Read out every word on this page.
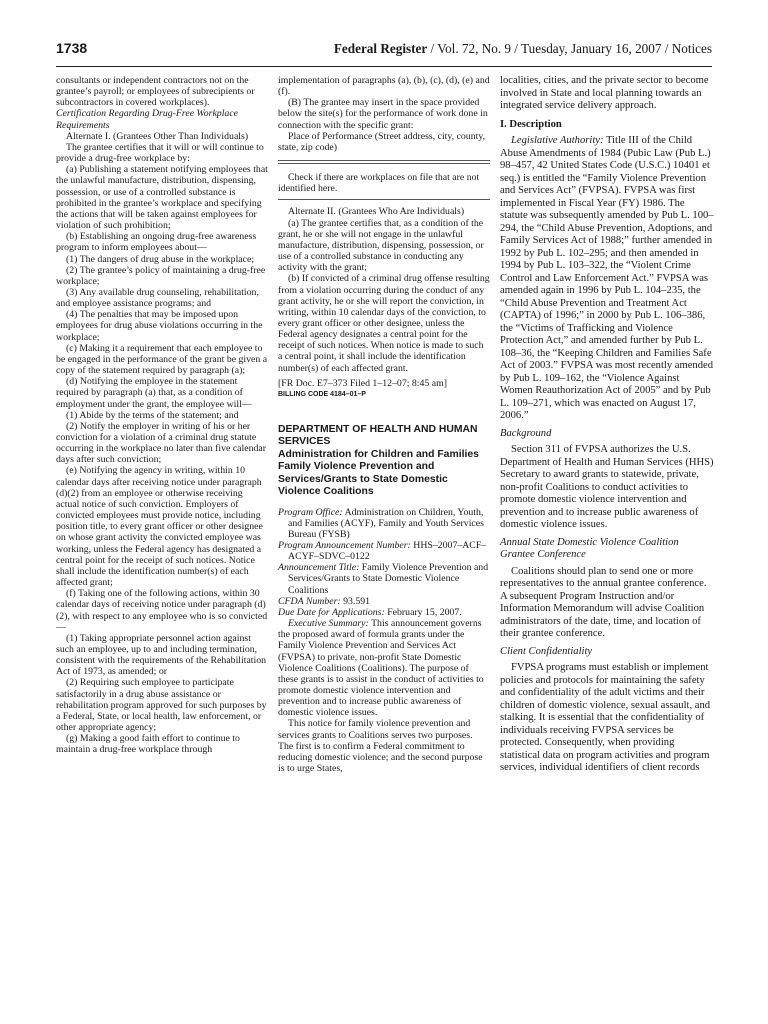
1738	Federal Register / Vol. 72, No. 9 / Tuesday, January 16, 2007 / Notices

consultants or independent contractors not on the grantee’s payroll; or employees of subrecipients or subcontractors in covered workplaces).

Certification Regarding Drug-Free Workplace Requirements

Alternate I. (Grantees Other Than Individuals)

The grantee certifies that it will or will continue to provide a drug-free workplace by:

(a) Publishing a statement notifying employees that the unlawful manufacture, distribution, dispensing, possession, or use of a controlled substance is prohibited in the grantee’s workplace and specifying the actions that will be taken against employees for violation of such prohibition;

(b) Establishing an ongoing drug-free awareness program to inform employees about—

(1) The dangers of drug abuse in the workplace;

(2) The grantee’s policy of maintaining a drug-free workplace;

(3) Any available drug counseling, rehabilitation, and employee assistance programs; and

(4) The penalties that may be imposed upon employees for drug abuse violations occurring in the workplace;

(c) Making it a requirement that each employee to be engaged in the performance of the grant be given a copy of the statement required by paragraph (a);

(d) Notifying the employee in the statement required by paragraph (a) that, as a condition of employment under the grant, the employee will—

(1) Abide by the terms of the statement; and

(2) Notify the employer in writing of his or her conviction for a violation of a criminal drug statute occurring in the workplace no later than five calendar days after such conviction;

(e) Notifying the agency in writing, within 10 calendar days after receiving notice under paragraph (d)(2) from an employee or otherwise receiving actual notice of such conviction. Employers of convicted employees must provide notice, including position title, to every grant officer or other designee on whose grant activity the convicted employee was working, unless the Federal agency has designated a central point for the receipt of such notices. Notice shall include the identification number(s) of each affected grant;

(f) Taking one of the following actions, within 30 calendar days of receiving notice under paragraph (d)(2), with respect to any employee who is so convicted—

(1) Taking appropriate personnel action against such an employee, up to and including termination, consistent with the requirements of the Rehabilitation Act of 1973, as amended; or

(2) Requiring such employee to participate satisfactorily in a drug abuse assistance or rehabilitation program approved for such purposes by a Federal, State, or local health, law enforcement, or other appropriate agency;

(g) Making a good faith effort to continue to maintain a drug-free workplace through

implementation of paragraphs (a), (b), (c), (d), (e) and (f).

(B) The grantee may insert in the space provided below the site(s) for the performance of work done in connection with the specific grant:

Place of Performance (Street address, city, county, state, zip code)

Check if there are workplaces on file that are not identified here.

Alternate II. (Grantees Who Are Individuals)

(a) The grantee certifies that, as a condition of the grant, he or she will not engage in the unlawful manufacture, distribution, dispensing, possession, or use of a controlled substance in conducting any activity with the grant;

(b) If convicted of a criminal drug offense resulting from a violation occurring during the conduct of any grant activity, he or she will report the conviction, in writing, within 10 calendar days of the conviction, to every grant officer or other designee, unless the Federal agency designates a central point for the receipt of such notices. When notice is made to such a central point, it shall include the identification number(s) of each affected grant.

[FR Doc. E7–373 Filed 1–12–07; 8:45 am]

BILLING CODE 4184–01–P

DEPARTMENT OF HEALTH AND HUMAN SERVICES

Administration for Children and Families

Family Violence Prevention and Services/Grants to State Domestic Violence Coalitions

Program Office: Administration on Children, Youth, and Families (ACYF), Family and Youth Services Bureau (FYSB)

Program Announcement Number: HHS–2007–ACF–ACYF–SDVC–0122

Announcement Title: Family Violence Prevention and Services/Grants to State Domestic Violence Coalitions

CFDA Number: 93.591

Due Date for Applications: February 15, 2007.

Executive Summary: This announcement governs the proposed award of formula grants under the Family Violence Prevention and Services Act (FVPSA) to private, non-profit State Domestic Violence Coalitions (Coalitions). The purpose of these grants is to assist in the conduct of activities to promote domestic violence intervention and prevention and to increase public awareness of domestic violence issues.

This notice for family violence prevention and services grants to Coalitions serves two purposes. The first is to confirm a Federal commitment to reducing domestic violence; and the second purpose is to urge States,

localities, cities, and the private sector to become involved in State and local planning towards an integrated service delivery approach.

I. Description

Legislative Authority: Title III of the Child Abuse Amendments of 1984 (Pubic Law (Pub L.) 98–457, 42 United States Code (U.S.C.) 10401 et seq.) is entitled the “Family Violence Prevention and Services Act” (FVPSA). FVPSA was first implemented in Fiscal Year (FY) 1986. The statute was subsequently amended by Pub L. 100–294, the “Child Abuse Prevention, Adoptions, and Family Services Act of 1988;” further amended in 1992 by Pub L. 102–295; and then amended in 1994 by Pub L. 103–322, the “Violent Crime Control and Law Enforcement Act.” FVPSA was amended again in 1996 by Pub L. 104–235, the “Child Abuse Prevention and Treatment Act (CAPTA) of 1996;” in 2000 by Pub L. 106–386, the “Victims of Trafficking and Violence Protection Act,” and amended further by Pub L. 108–36, the “Keeping Children and Families Safe Act of 2003.” FVPSA was most recently amended by Pub L. 109–162, the “Violence Against Women Reauthorization Act of 2005” and by Pub L. 109–271, which was enacted on August 17, 2006.”

Background

Section 311 of FVPSA authorizes the U.S. Department of Health and Human Services (HHS) Secretary to award grants to statewide, private, non-profit Coalitions to conduct activities to promote domestic violence intervention and prevention and to increase public awareness of domestic violence issues.

Annual State Domestic Violence Coalition Grantee Conference

Coalitions should plan to send one or more representatives to the annual grantee conference. A subsequent Program Instruction and/or Information Memorandum will advise Coalition administrators of the date, time, and location of their grantee conference.

Client Confidentiality

FVPSA programs must establish or implement policies and protocols for maintaining the safety and confidentiality of the adult victims and their children of domestic violence, sexual assault, and stalking. It is essential that the confidentiality of individuals receiving FVPSA services be protected. Consequently, when providing statistical data on program activities and program services, individual identifiers of client records
